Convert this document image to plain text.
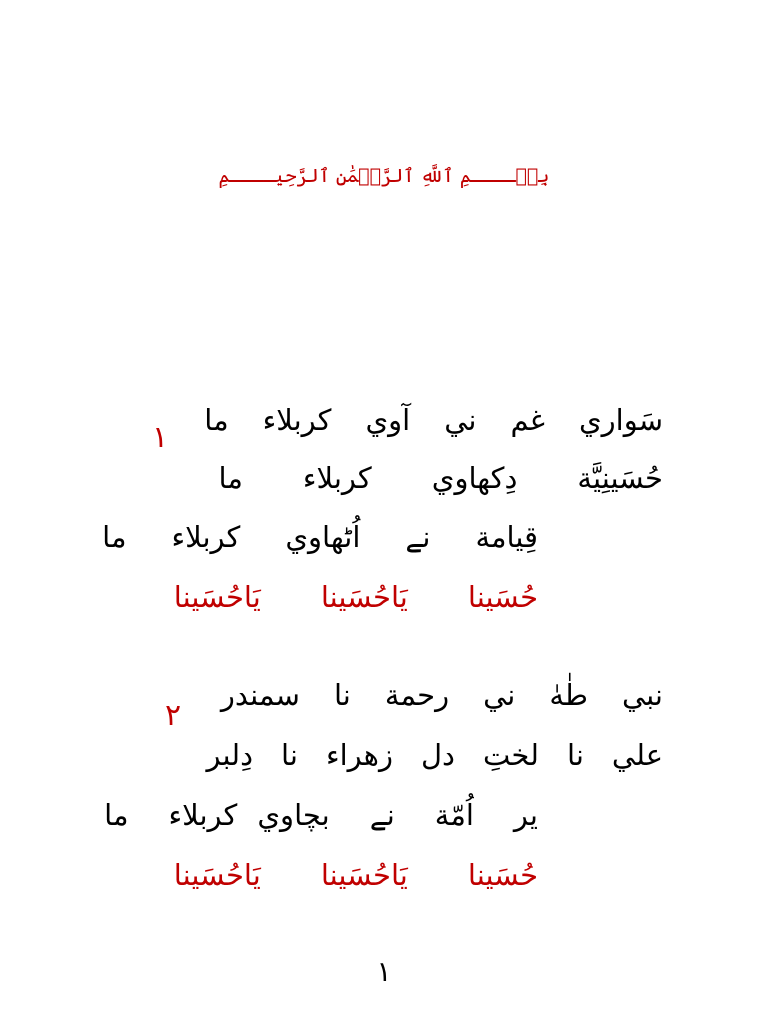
بِسۡــــمِ ٱللَّهِ ٱلرَّحۡمَٰنِ ٱلرَّحِيــــمِ
١	سَواريغمنيآويكربلاءما
حُسَينِيَّةدِكھاويكربلاءما
قِيامةنےاُٹھاويكربلاءما
حُسَينايَاحُسَينايَاحُسَينا
٢
نبيطٰهٰنيرحمةناسمندر
علينالختِدلزهراءنادِلبر
يراُمّةنےبچاويكربلاءما
حُسَينايَاحُسَينايَاحُسَينا
١
